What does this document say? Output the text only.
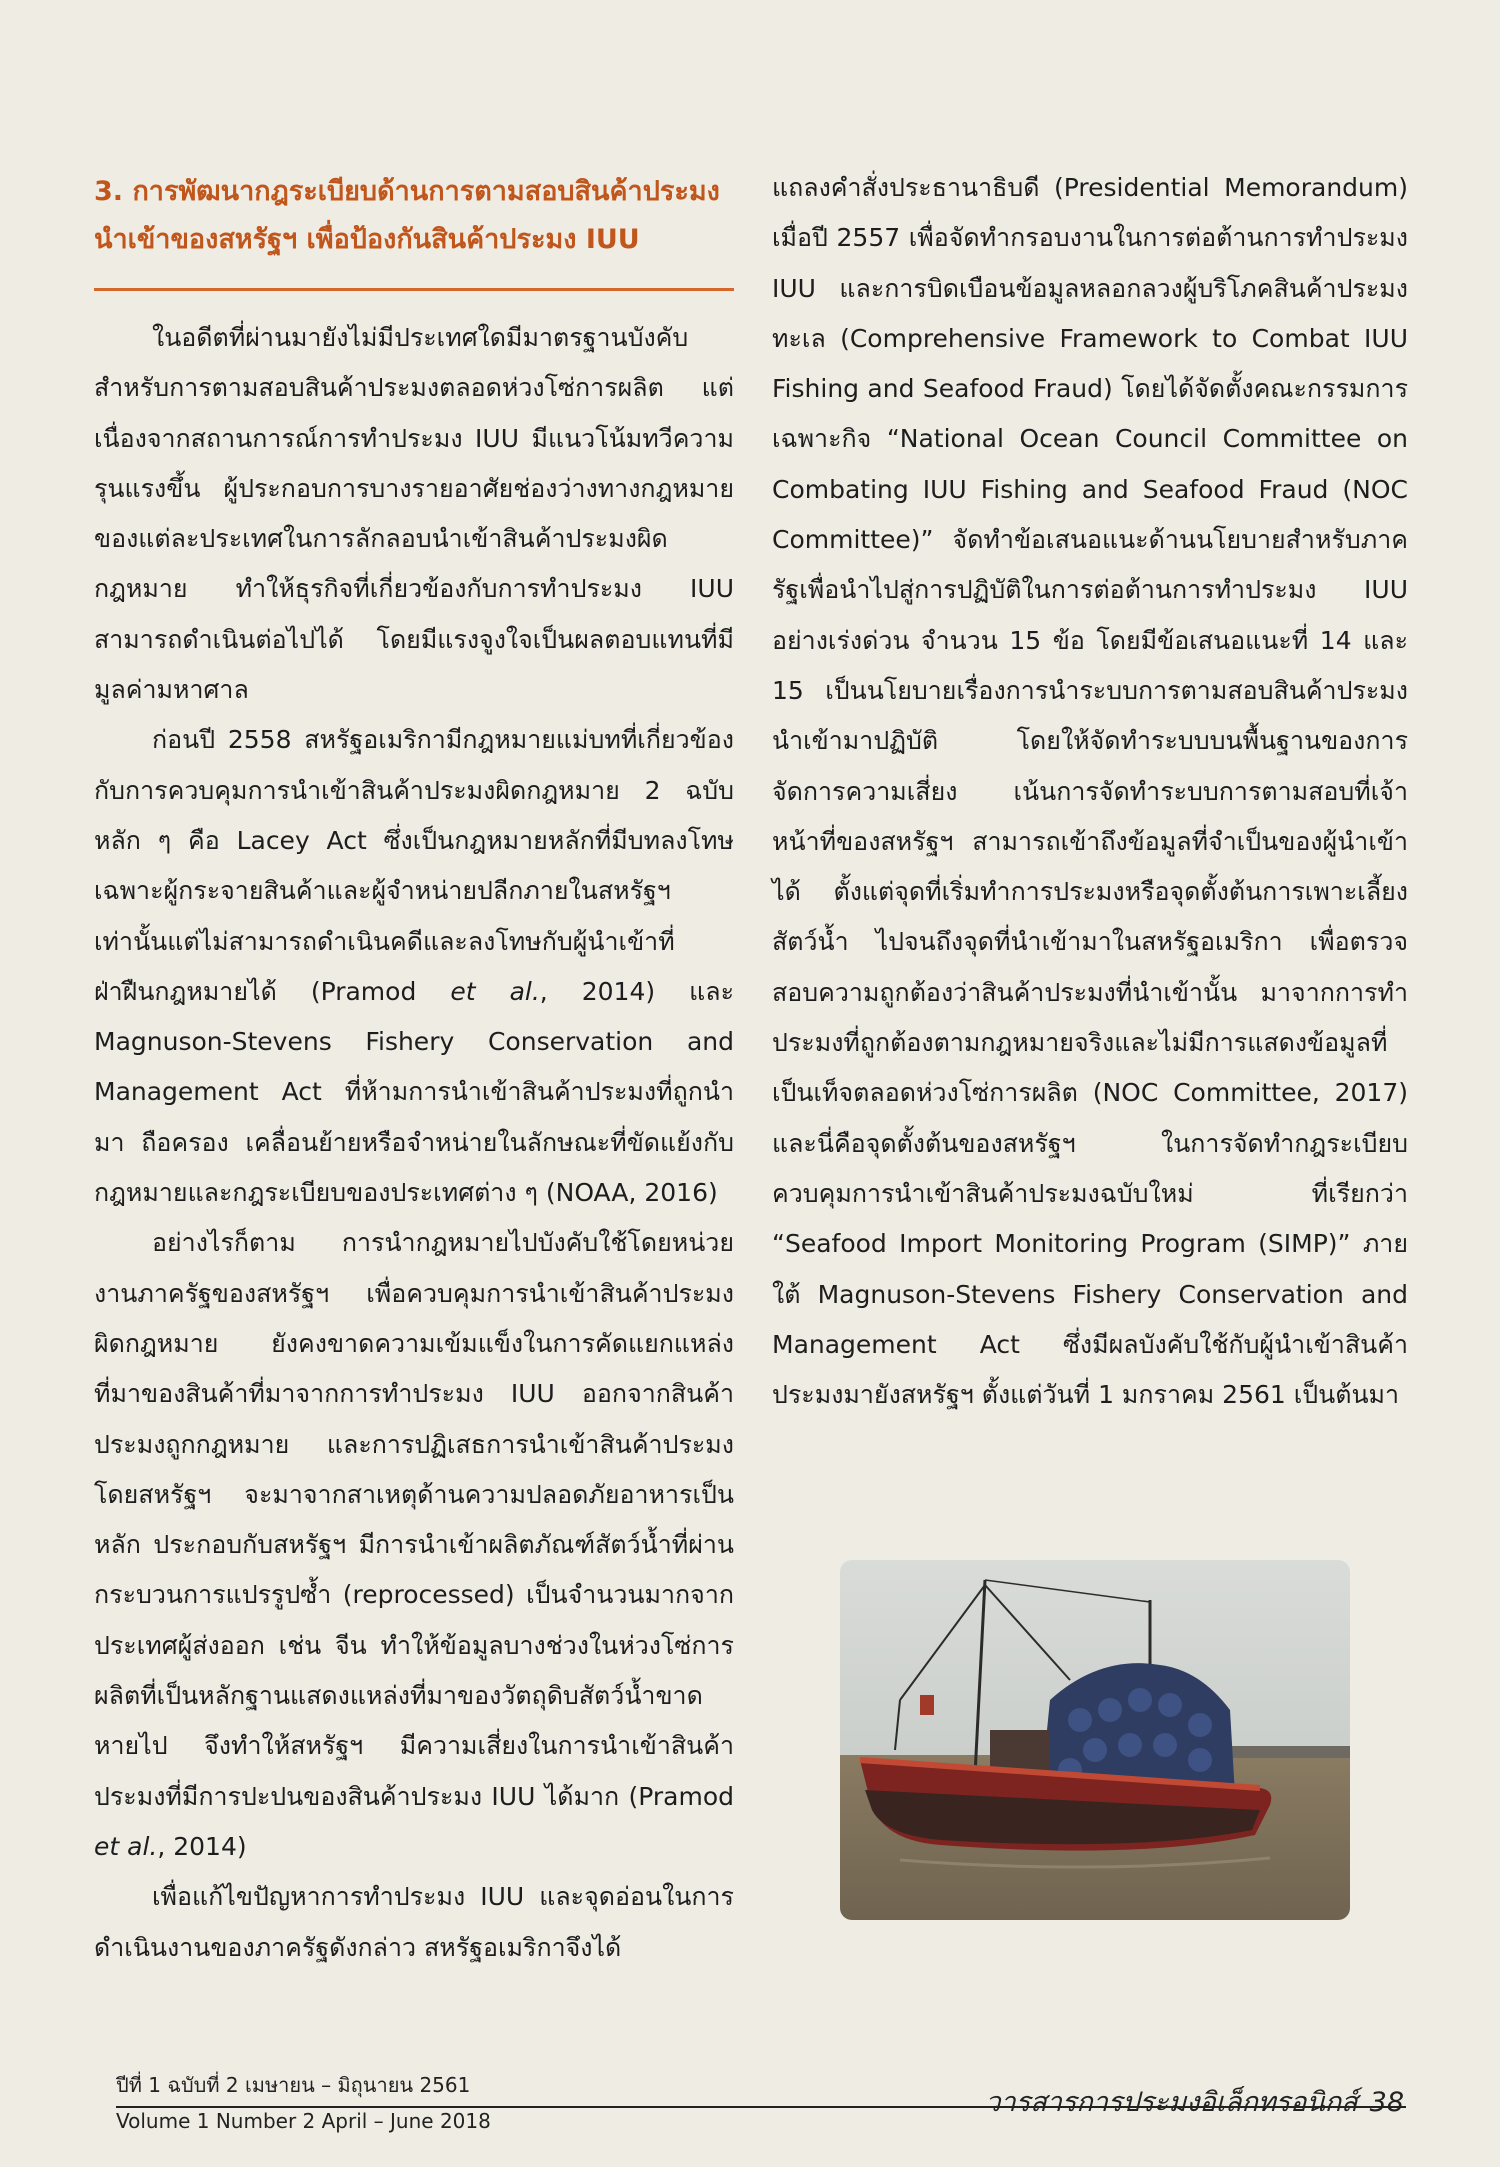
3. การพัฒนากฎระเบียบด้านการตามสอบสินค้าประมง
นำเข้าของสหรัฐฯ เพื่อป้องกันสินค้าประมง IUU

ในอดีตที่ผ่านมายังไม่มีประเทศใดมีมาตรฐานบังคับสำหรับการตามสอบสินค้าประมงตลอดห่วงโซ่การผลิต แต่เนื่องจากสถานการณ์การทำประมง IUU มีแนวโน้มทวีความรุนแรงขึ้น ผู้ประกอบการบางรายอาศัยช่องว่างทางกฎหมายของแต่ละประเทศในการลักลอบนำเข้าสินค้าประมงผิดกฎหมาย ทำให้ธุรกิจที่เกี่ยวข้องกับการทำประมง IUU สามารถดำเนินต่อไปได้ โดยมีแรงจูงใจเป็นผลตอบแทนที่มีมูลค่ามหาศาล

ก่อนปี 2558 สหรัฐอเมริกามีกฎหมายแม่บทที่เกี่ยวข้องกับการควบคุมการนำเข้าสินค้าประมงผิดกฎหมาย 2 ฉบับหลัก ๆ คือ Lacey Act ซึ่งเป็นกฎหมายหลักที่มีบทลงโทษเฉพาะผู้กระจายสินค้าและผู้จำหน่ายปลีกภายในสหรัฐฯ เท่านั้นแต่ไม่สามารถดำเนินคดีและลงโทษกับผู้นำเข้าที่ฝ่าฝืนกฎหมายได้ (Pramod et al., 2014) และ Magnuson-Stevens Fishery Conservation and Management Act ที่ห้ามการนำเข้าสินค้าประมงที่ถูกนำมา ถือครอง เคลื่อนย้ายหรือจำหน่ายในลักษณะที่ขัดแย้งกับกฎหมายและกฎระเบียบของประเทศต่าง ๆ (NOAA, 2016)

อย่างไรก็ตาม การนำกฎหมายไปบังคับใช้โดยหน่วยงานภาครัฐของสหรัฐฯ เพื่อควบคุมการนำเข้าสินค้าประมงผิดกฎหมาย ยังคงขาดความเข้มแข็งในการคัดแยกแหล่งที่มาของสินค้าที่มาจากการทำประมง IUU ออกจากสินค้าประมงถูกกฎหมาย และการปฏิเสธการนำเข้าสินค้าประมงโดยสหรัฐฯ จะมาจากสาเหตุด้านความปลอดภัยอาหารเป็นหลัก ประกอบกับสหรัฐฯ มีการนำเข้าผลิตภัณฑ์สัตว์น้ำที่ผ่านกระบวนการแปรรูปซ้ำ (reprocessed) เป็นจำนวนมากจากประเทศผู้ส่งออก เช่น จีน ทำให้ข้อมูลบางช่วงในห่วงโซ่การผลิตที่เป็นหลักฐานแสดงแหล่งที่มาของวัตถุดิบสัตว์น้ำขาดหายไป จึงทำให้สหรัฐฯ มีความเสี่ยงในการนำเข้าสินค้าประมงที่มีการปะปนของสินค้าประมง IUU ได้มาก (Pramod et al., 2014)

เพื่อแก้ไขปัญหาการทำประมง IUU และจุดอ่อนในการดำเนินงานของภาครัฐดังกล่าว สหรัฐอเมริกาจึงได้

แถลงคำสั่งประธานาธิบดี (Presidential Memorandum) เมื่อปี 2557 เพื่อจัดทำกรอบงานในการต่อต้านการทำประมง IUU และการบิดเบือนข้อมูลหลอกลวงผู้บริโภคสินค้าประมงทะเล (Comprehensive Framework to Combat IUU Fishing and Seafood Fraud) โดยได้จัดตั้งคณะกรรมการเฉพาะกิจ “National Ocean Council Committee on Combating IUU Fishing and Seafood Fraud (NOC Committee)” จัดทำข้อเสนอแนะด้านนโยบายสำหรับภาครัฐเพื่อนำไปสู่การปฏิบัติในการต่อต้านการทำประมง IUU อย่างเร่งด่วน จำนวน 15 ข้อ โดยมีข้อเสนอแนะที่ 14 และ 15 เป็นนโยบายเรื่องการนำระบบการตามสอบสินค้าประมงนำเข้ามาปฏิบัติ โดยให้จัดทำระบบบนพื้นฐานของการจัดการความเสี่ยง เน้นการจัดทำระบบการตามสอบที่เจ้าหน้าที่ของสหรัฐฯ สามารถเข้าถึงข้อมูลที่จำเป็นของผู้นำเข้าได้ ตั้งแต่จุดที่เริ่มทำการประมงหรือจุดตั้งต้นการเพาะเลี้ยงสัตว์น้ำ ไปจนถึงจุดที่นำเข้ามาในสหรัฐอเมริกา เพื่อตรวจสอบความถูกต้องว่าสินค้าประมงที่นำเข้านั้น มาจากการทำประมงที่ถูกต้องตามกฎหมายจริงและไม่มีการแสดงข้อมูลที่เป็นเท็จตลอดห่วงโซ่การผลิต (NOC Committee, 2017) และนี่คือจุดตั้งต้นของสหรัฐฯ ในการจัดทำกฎระเบียบควบคุมการนำเข้าสินค้าประมงฉบับใหม่ ที่เรียกว่า “Seafood Import Monitoring Program (SIMP)” ภายใต้ Magnuson-Stevens Fishery Conservation and Management Act ซึ่งมีผลบังคับใช้กับผู้นำเข้าสินค้าประมงมายังสหรัฐฯ ตั้งแต่วันที่ 1 มกราคม 2561 เป็นต้นมา

ปีที่ 1 ฉบับที่ 2 เมษายน – มิถุนายน 2561
Volume 1 Number 2 April – June 2018
วารสารการประมงอิเล็กทรอนิกส์ 38
